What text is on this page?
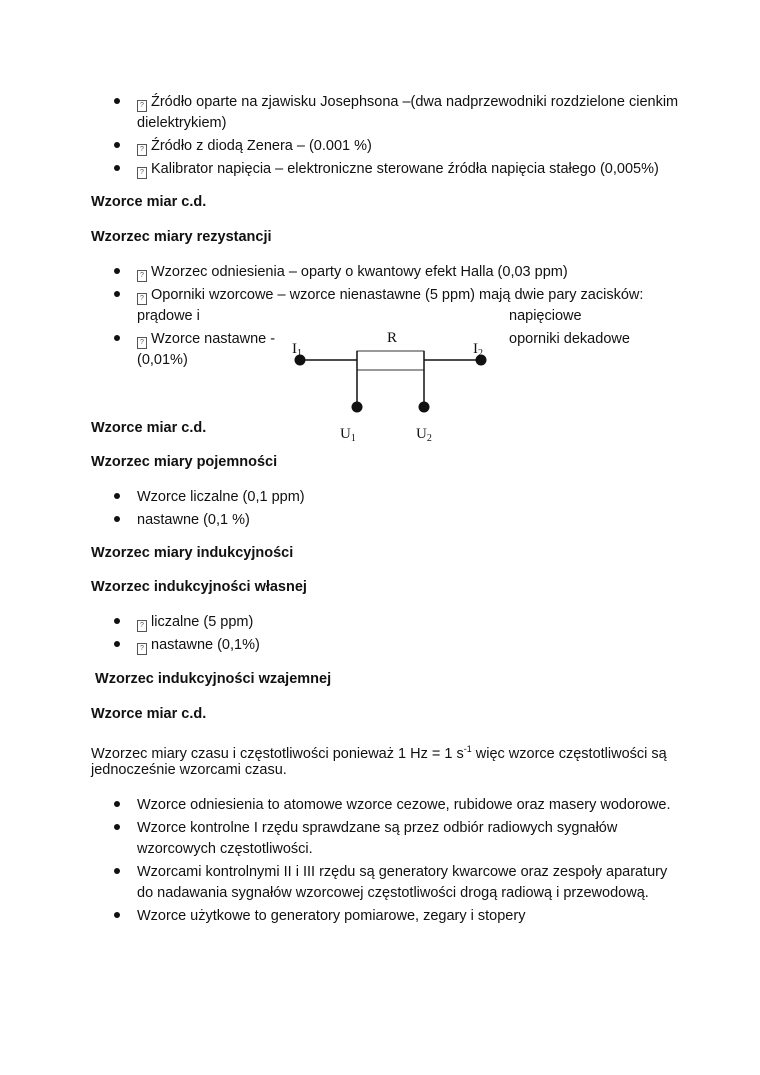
? Źródło oparte na zjawisku Josephsona –(dwa nadprzewodniki rozdzielone cienkim
dielektrykiem)
? Źródło z diodą Zenera – (0.001 %)
? Kalibrator napięcia – elektroniczne sterowane źródła napięcia stałego (0,005%)
Wzorce miar c.d.
Wzorzec miary rezystancji
? Wzorzec odniesienia – oparty o kwantowy efekt Halla (0,03 ppm)
? Oporniki wzorcowe – wzorce nienastawne (5 ppm) mają dwie pary zacisków:
prądowe i	napięciowe
? Wzorce nastawne -	oporniki dekadowe
(0,01%)
R
$I_1$	$I_2$
$U_1$	$U_2$
Wzorce miar c.d.
Wzorzec miary pojemności
Wzorce liczalne (0,1 ppm)
nastawne (0,1 %)
Wzorzec miary indukcyjności
Wzorzec indukcyjności własnej
? liczalne (5 ppm)
? nastawne (0,1%)
Wzorzec indukcyjności wzajemnej
Wzorce miar c.d.
Wzorzec miary czasu i częstotliwości ponieważ 1 Hz = 1 $s^{-1}$ więc wzorce częstotliwości są
jednocześnie wzorcami czasu.
Wzorce odniesienia to atomowe wzorce cezowe, rubidowe oraz masery wodorowe.
Wzorce kontrolne I rzędu sprawdzane są przez odbiór radiowych sygnałów
wzorcowych częstotliwości.
Wzorcami kontrolnymi II i III rzędu są generatory kwarcowe oraz zespoły aparatury
do nadawania sygnałów wzorcowej częstotliwości drogą radiową i przewodową.
Wzorce użytkowe to generatory pomiarowe, zegary i stopery
